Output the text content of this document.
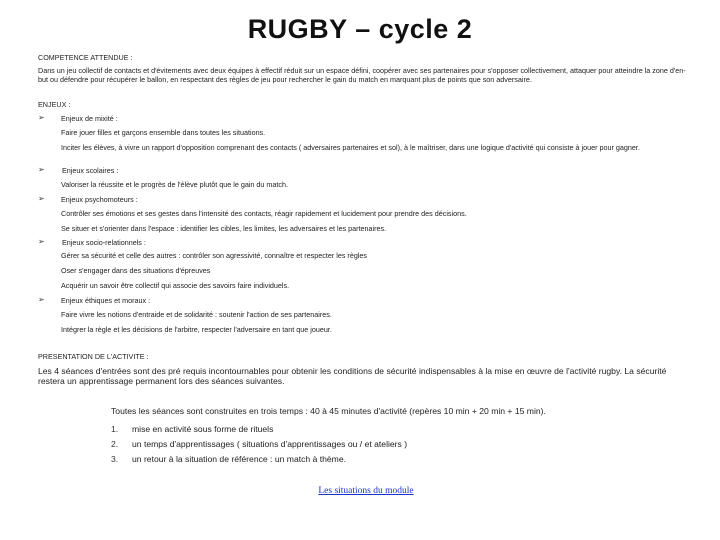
RUGBY – cycle 2
COMPETENCE ATTENDUE :
Dans un jeu collectif de contacts et d'évitements avec deux équipes à effectif réduit sur un espace défini, coopérer avec ses partenaires pour s'opposer collectivement, attaquer pour atteindre la zone d'en-but ou défendre pour récupérer le ballon, en respectant des règles de jeu pour rechercher le gain du match en marquant plus de points que son adversaire.
ENJEUX :
➢ Enjeux de mixité :
Faire jouer filles et garçons ensemble dans toutes les situations.
Inciter les élèves, à vivre un rapport d'opposition comprenant des contacts ( adversaires partenaires et sol), à le maîtriser, dans une logique d'activité qui consiste à jouer pour gagner.
➢ Enjeux scolaires :
Valoriser la réussite et le progrès de l'élève plutôt que le gain du match.
➢ Enjeux psychomoteurs :
Contrôler ses émotions et ses gestes dans l'intensité des contacts, réagir rapidement et lucidement pour prendre des décisions.
Se situer et s'orienter dans l'espace : identifier les cibles, les limites, les adversaires et les partenaires.
➢ Enjeux socio-relationnels :
Gérer sa sécurité et celle des autres : contrôler son agressivité, connaître et respecter les règles
Oser s'engager dans des situations d'épreuves
Acquérir un savoir être collectif qui associe des savoirs faire individuels.
➢ Enjeux éthiques et moraux :
Faire vivre les notions d'entraide et de solidarité : soutenir l'action de ses partenaires.
Intégrer la règle et les décisions de l'arbitre, respecter l'adversaire en tant que joueur.
PRESENTATION DE L'ACTIVITE :
Les 4 séances d'entrées sont des pré requis incontournables pour obtenir les conditions de sécurité indispensables à la mise en œuvre de l'activité rugby. La sécurité restera un apprentissage permanent lors des séances suivantes.
Toutes les séances sont construites en trois temps : 40 à 45 minutes d'activité (repères 10 min + 20 min + 15 min).
1. mise en activité sous forme de rituels
2. un temps d'apprentissages ( situations d'apprentissages ou / et ateliers )
3. un retour à la situation de référence : un match à thème.
Les situations du module
